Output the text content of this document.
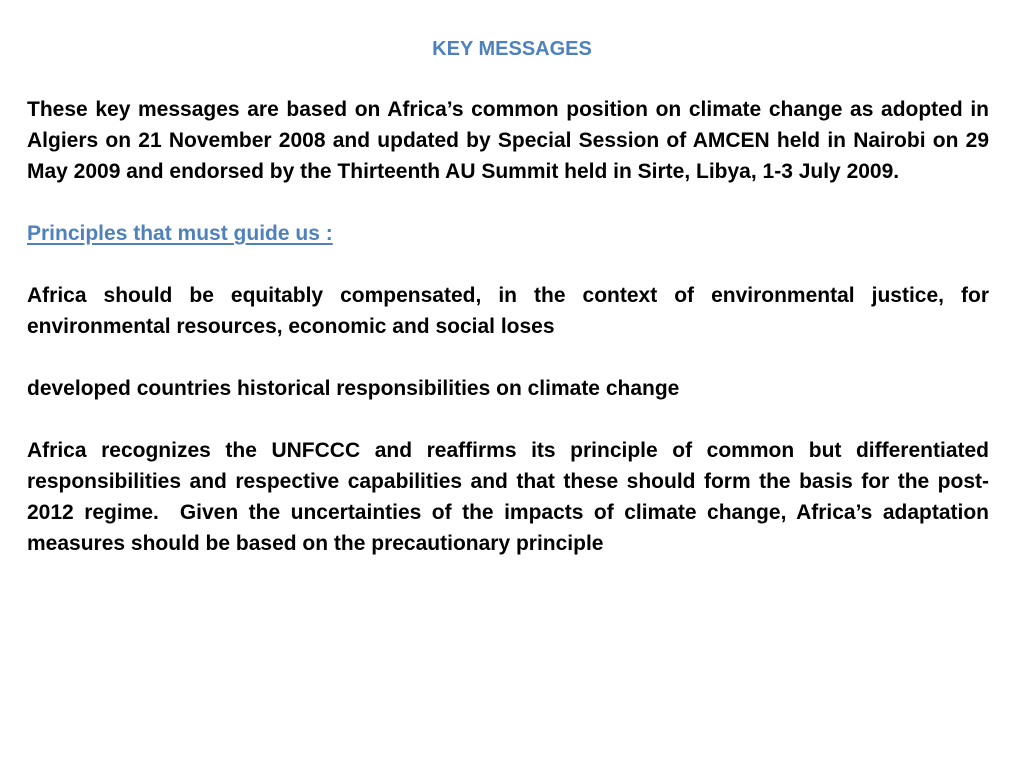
KEY MESSAGES
These key messages are based on Africa’s common position on climate change as adopted in Algiers on 21 November 2008 and updated by Special Session of AMCEN held in Nairobi on 29 May 2009 and endorsed by the Thirteenth AU Summit held in Sirte, Libya, 1-3 July 2009.
Principles that must guide us :
Africa should be equitably compensated, in the context of environmental justice, for environmental resources, economic and social loses
developed countries historical responsibilities on climate change
Africa recognizes the UNFCCC and reaffirms its principle of common but differentiated responsibilities and respective capabilities and that these should form the basis for the post-2012 regime.  Given the uncertainties of the impacts of climate change, Africa’s adaptation measures should be based on the precautionary principle
